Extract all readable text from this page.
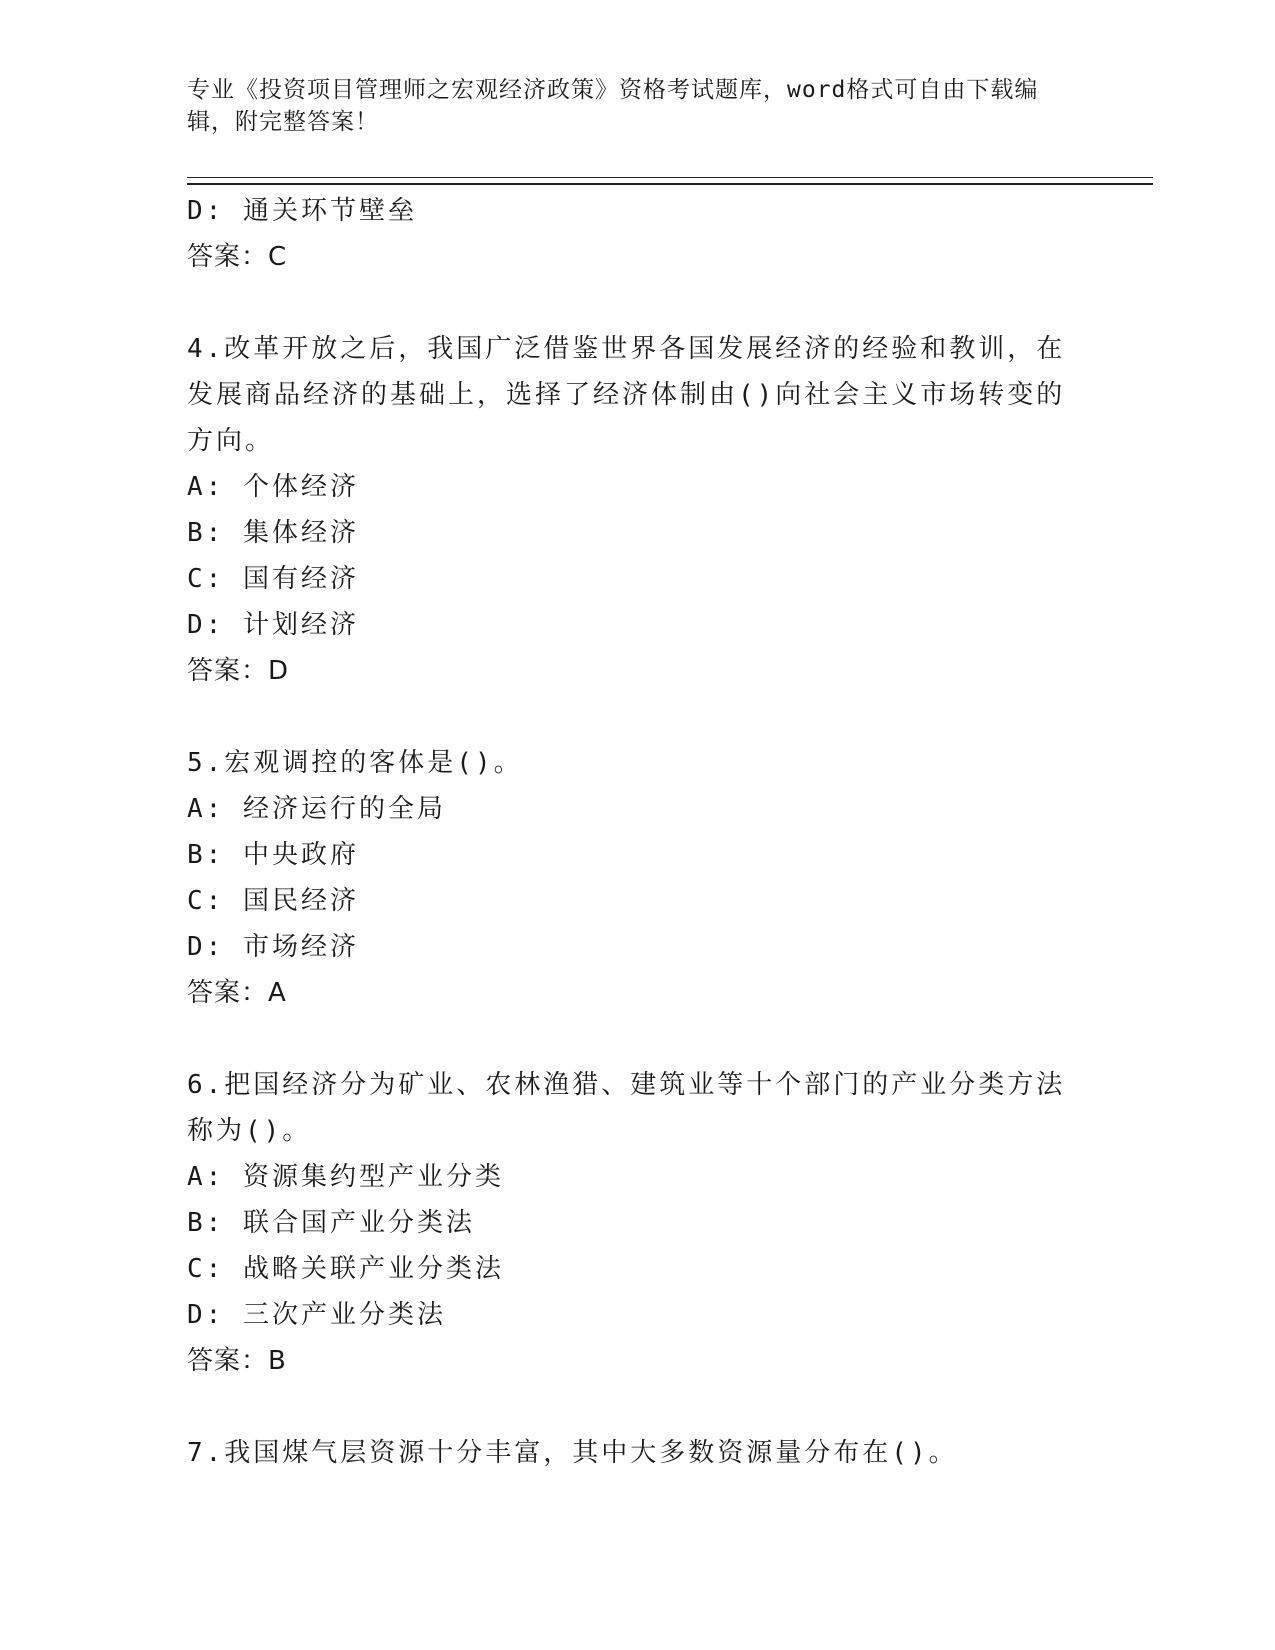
专业《投资项目管理师之宏观经济政策》资格考试题库，word格式可自由下载编
辑，附完整答案！
D: 通关环节壁垒
答案：C
4.改革开放之后，我国广泛借鉴世界各国发展经济的经验和教训，在
发展商品经济的基础上，选择了经济体制由()向社会主义市场转变的
方向。
A: 个体经济
B: 集体经济
C: 国有经济
D: 计划经济
答案：D
5.宏观调控的客体是()。
A: 经济运行的全局
B: 中央政府
C: 国民经济
D: 市场经济
答案：A
6.把国经济分为矿业、农林渔猎、建筑业等十个部门的产业分类方法
称为()。
A: 资源集约型产业分类
B: 联合国产业分类法
C: 战略关联产业分类法
D: 三次产业分类法
答案：B
7.我国煤气层资源十分丰富，其中大多数资源量分布在()。
